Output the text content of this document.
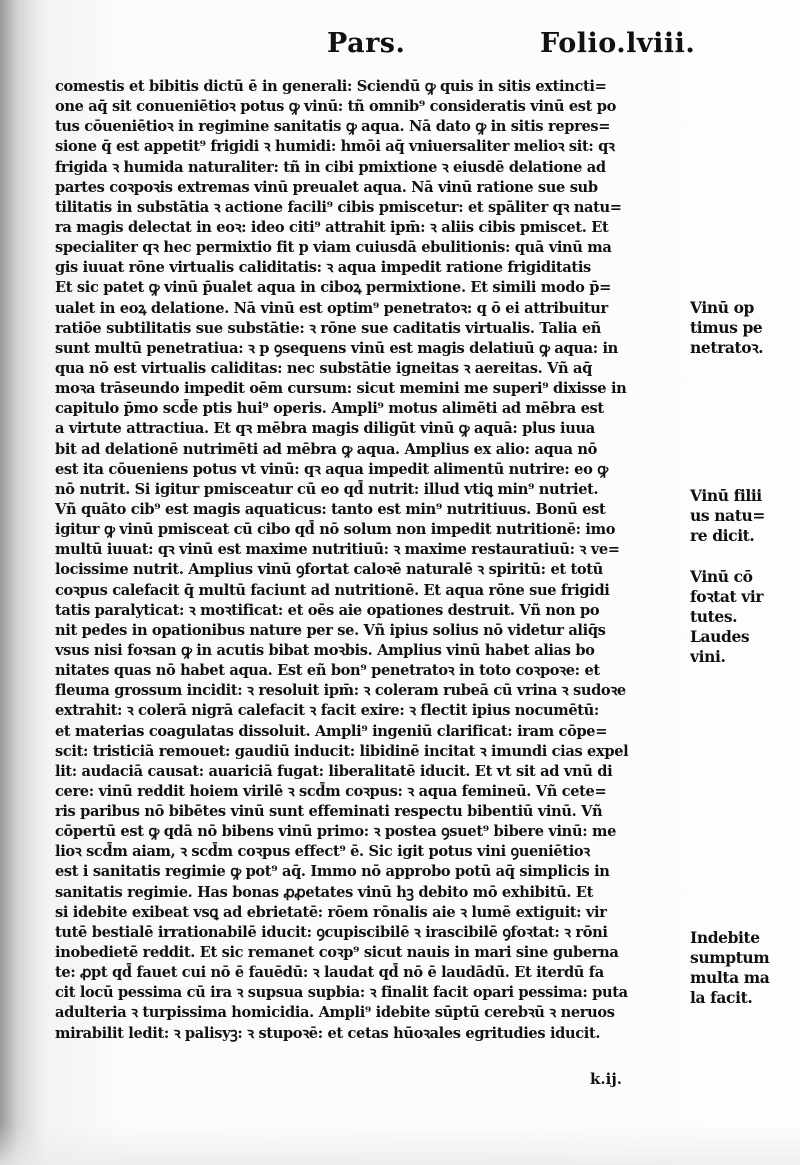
Pars.	Folio.lviii.
comestis et bibitis dictū ē in generali: Sciendū ꝙ quis in sitis extincti=
one aq̄ sit conueniētioꝛ potus ꝙ vinū: tñ omnib⁹ consideratis vinū est po
tus cōueniētioꝛ in regimine sanitatis ꝙ aqua. Nā dato ꝙ in sitis repres=
sione q̄ est appetit⁹ frigidi ꝛ humidi: hmōi aq̄ vniuersaliter melioꝛ sit: qꝛ
frigida ꝛ humida naturaliter: tñ in cibi pmixtione ꝛ eiusdē delatione ad
partes coꝛpoꝛis extremas vinū preualet aqua. Nā vinū ratione sue sub
tilitatis in substātia ꝛ actione facili⁹ cibis pmiscetur: et spāliter qꝛ natu=
ra magis delectat in eoꝛ: ideo citi⁹ attrahit ipm̄: ꝛ aliis cibis pmiscet. Et
specialiter qꝛ hec permixtio fit p viam cuiusdā ebulitionis: quā vinū ma
gis iuuat rōne virtualis caliditatis: ꝛ aqua impedit ratione frigiditatis
Et sic patet ꝙ vinū p̄ualet aqua in ciboꝝ permixtione. Et simili modo p̄=
ualet in eoꝝ delatione. Nā vinū est optim⁹ penetratoꝛ: q ō ei attribuitur
ratiōe subtilitatis sue substātie: ꝛ rōne sue caditatis virtualis. Talia eñ
sunt multū penetratiua: ꝛ p ꝯsequens vinū est magis delatiuū ꝙ aqua: in
qua nō est virtualis caliditas: nec substātie igneitas ꝛ aereitas. Vñ aq̄
moꝛa trāseundo impedit oēm cursum: sicut memini me superi⁹ dixisse in
capitulo p̄mo scd̄e ptis hui⁹ operis. Ampli⁹ motus alimēti ad mēbra est
a virtute attractiua. Et qꝛ mēbra magis diligūt vinū ꝙ aquā: plus iuua
bit ad delationē nutrimēti ad mēbra ꝙ aqua. Amplius ex alio: aqua nō
est ita cōueniens potus vt vinū: qꝛ aqua impedit alimentū nutrire: eo ꝙ
nō nutrit. Si igitur pmisceatur cū eo qd̄ nutrit: illud vtiꝗ min⁹ nutriet.
Vñ quāto cib⁹ est magis aquaticus: tanto est min⁹ nutritiuus. Bonū est
igitur ꝙ vinū pmisceat cū cibo qd̄ nō solum non impedit nutritionē: imo
multū iuuat: qꝛ vinū est maxime nutritiuū: ꝛ maxime restauratiuū: ꝛ ve=
locissime nutrit. Amplius vinū ꝯfortat caloꝛē naturalē ꝛ spiritū: et totū
coꝛpus calefacit q̄ multū faciunt ad nutritionē. Et aqua rōne sue frigidi
tatis paralyticat: ꝛ moꝛtificat: et oēs aie opationes destruit. Vñ non po
nit pedes in opationibus nature per se. Vñ ipius solius nō videtur aliq̄s
vsus nisi foꝛsan ꝙ in acutis bibat moꝛbis. Amplius vinū habet alias bo
nitates quas nō habet aqua. Est eñ bon⁹ penetratoꝛ in toto coꝛpoꝛe: et
fleuma grossum incidit: ꝛ resoluit ipm̄: ꝛ coleram rubeā cū vrina ꝛ sudoꝛe
extrahit: ꝛ colerā nigrā calefacit ꝛ facit exire: ꝛ flectit ipius nocumētū:
et materias coagulatas dissoluit. Ampli⁹ ingeniū clarificat: iram cōpe=
scit: tristiciā remouet: gaudiū inducit: libidinē incitat ꝛ imundi cias expel
lit: audaciā causat: auariciā fugat: liberalitatē iducit. Et vt sit ad vnū di
cere: vinū reddit hoiem virilē ꝛ scd̄m coꝛpus: ꝛ aqua femineū. Vñ cete=
ris paribus nō bibētes vinū sunt effeminati respectu bibentiū vinū. Vñ
cōpertū est ꝙ qdā nō bibens vinū primo: ꝛ postea ꝯsuet⁹ bibere vinū: me
lioꝛ scd̄m aiam, ꝛ scd̄m coꝛpus effect⁹ ē. Sic igit potus vini ꝯueniētioꝛ
est i sanitatis regimie ꝙ pot⁹ aq̄. Immo nō approbo potū aq̄ simplicis in
sanitatis regimie. Has bonas ꝓꝓetates vinū hꝫ debito mō exhibitū. Et
si idebite exibeat vsꝗ ad ebrietatē: rōem rōnalis aie ꝛ lumē extiguit: vir
tutē bestialē irrationabilē iducit: ꝯcupiscibilē ꝛ irascibilē ꝯfoꝛtat: ꝛ rōni
inobedietē reddit. Et sic remanet coꝛp⁹ sicut nauis in mari sine guberna
te: ꝓpt qd̄ fauet cui nō ē fauēdū: ꝛ laudat qd̄ nō ē laudādū. Et iterdū fa
cit locū pessima cū ira ꝛ supsua supbia: ꝛ finalit facit opari pessima: puta
adulteria ꝛ turpissima homicidia. Ampli⁹ idebite sūptū cerebꝛū ꝛ neruos
mirabilit ledit: ꝛ palisyꝫ: ꝛ stupoꝛē: et cetas hūoꝛales egritudies iducit.
Vinū op
timus pe
netratoꝛ.
Vinū filii
us natu=
re dicit.
Vinū cō
foꝛtat vir
tutes.
Laudes
vini.
Indebite
sumptum
multa ma
la facit.
k.ij.
